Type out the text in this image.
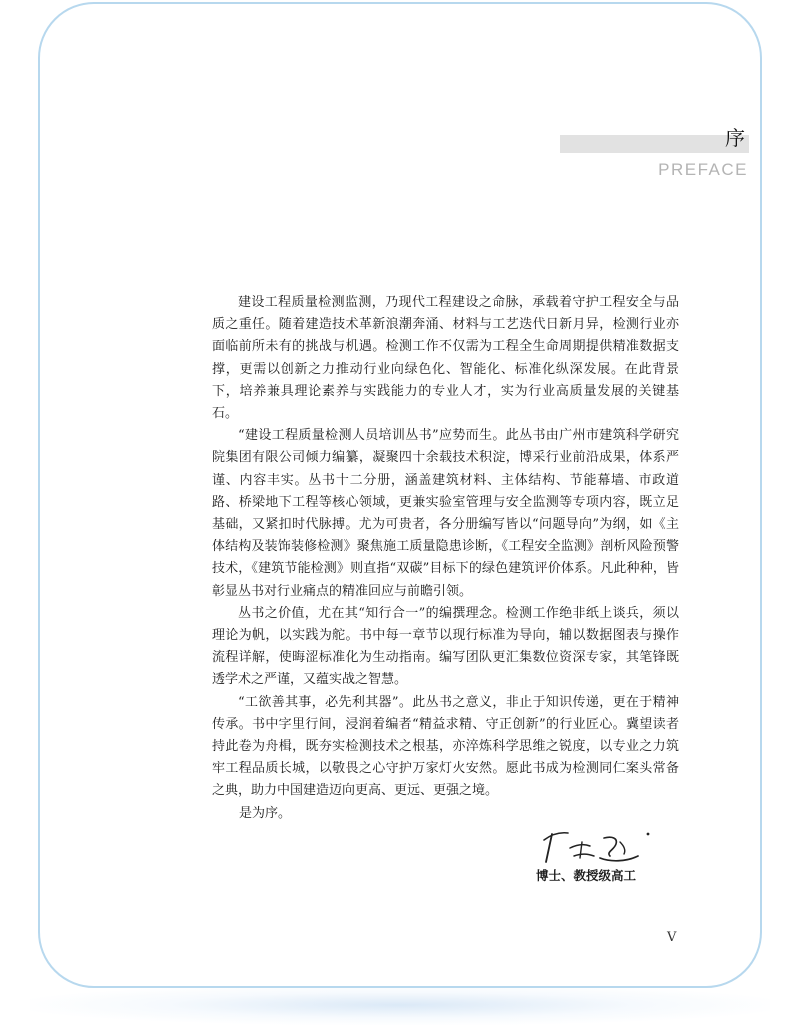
序
PREFACE

建设工程质量检测监测，乃现代工程建设之命脉，承载着守护工程安全与品质之重任。随着建造技术革新浪潮奔涌、材料与工艺迭代日新月异，检测行业亦面临前所未有的挑战与机遇。检测工作不仅需为工程全生命周期提供精准数据支撑，更需以创新之力推动行业向绿色化、智能化、标准化纵深发展。在此背景下，培养兼具理论素养与实践能力的专业人才，实为行业高质量发展的关键基石。

“建设工程质量检测人员培训丛书”应势而生。此丛书由广州市建筑科学研究院集团有限公司倾力编纂，凝聚四十余载技术积淀，博采行业前沿成果，体系严谨、内容丰实。丛书十二分册，涵盖建筑材料、主体结构、节能幕墙、市政道路、桥梁地下工程等核心领域，更兼实验室管理与安全监测等专项内容，既立足基础，又紧扣时代脉搏。尤为可贵者，各分册编写皆以“问题导向”为纲，如《主体结构及装饰装修检测》聚焦施工质量隐患诊断，《工程安全监测》剖析风险预警技术，《建筑节能检测》则直指“双碳”目标下的绿色建筑评价体系。凡此种种，皆彰显丛书对行业痛点的精准回应与前瞻引领。

丛书之价值，尤在其“知行合一”的编撰理念。检测工作绝非纸上谈兵，须以理论为帆，以实践为舵。书中每一章节以现行标准为导向，辅以数据图表与操作流程详解，使晦涩标准化为生动指南。编写团队更汇集数位资深专家，其笔锋既透学术之严谨，又蕴实战之智慧。

“工欲善其事，必先利其器”。此丛书之意义，非止于知识传递，更在于精神传承。书中字里行间，浸润着编者“精益求精、守正创新”的行业匠心。冀望读者持此卷为舟楫，既夯实检测技术之根基，亦淬炼科学思维之锐度，以专业之力筑牢工程品质长城，以敬畏之心守护万家灯火安然。愿此书成为检测同仁案头常备之典，助力中国建造迈向更高、更远、更强之境。

是为序。
博士、教授级高工
V
